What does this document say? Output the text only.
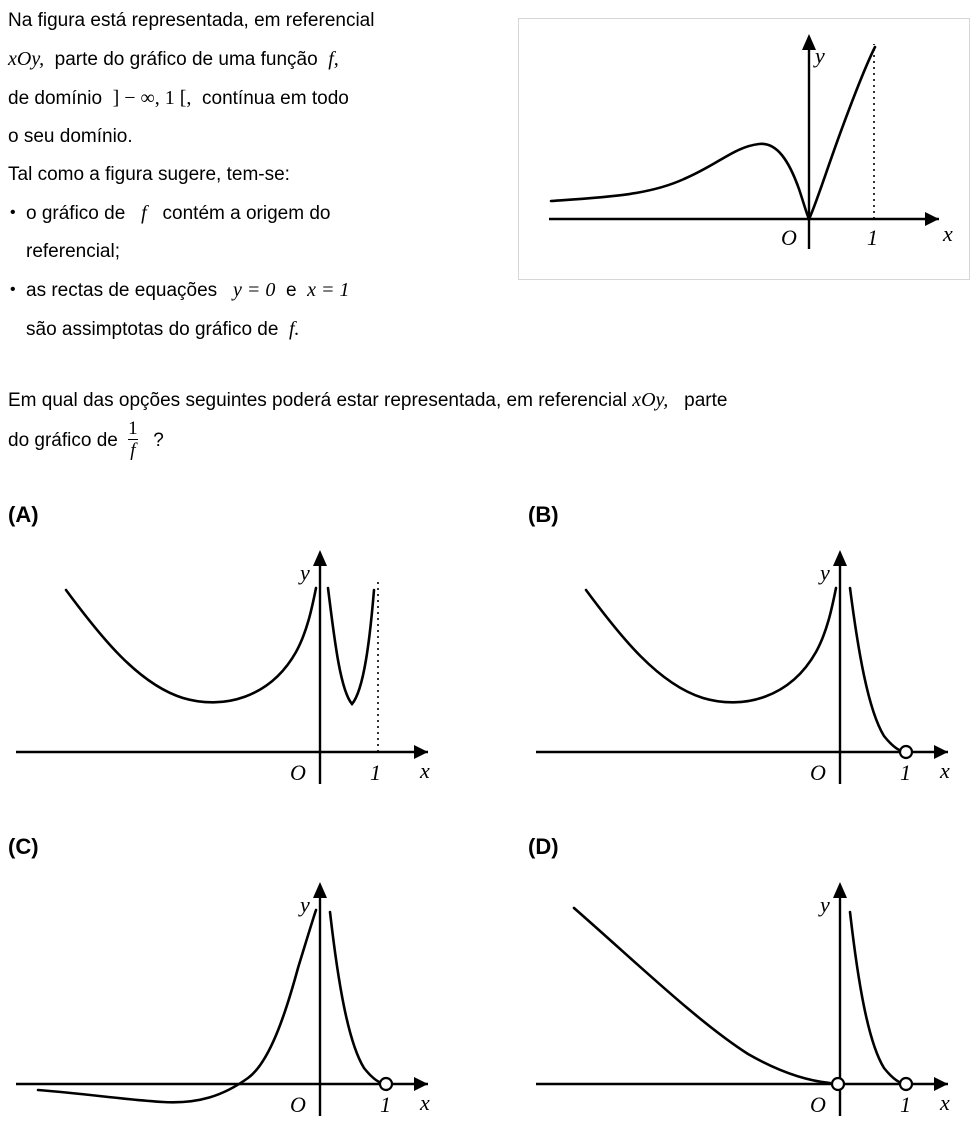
Na figura está representada, em referencial

xOy, parte do gráfico de uma função f,

de domínio ] − ∞, 1 [, contínua em todo

o seu domínio.

Tal como a figura sugere, tem-se:

• o gráfico de f contém a origem do
referencial;
• as rectas de equações y = 0 e x = 1
são assimptotas do gráfico de f.
Em qual das opções seguintes poderá estar representada, em referencial xOy, parte
do gráfico de $\frac{1}{f}$ ?
y
x
O	1
(A)
y
x
O	1
(B)
y
x
O	1
(C)
y
x
O	1
(D)
y
x
O	1
